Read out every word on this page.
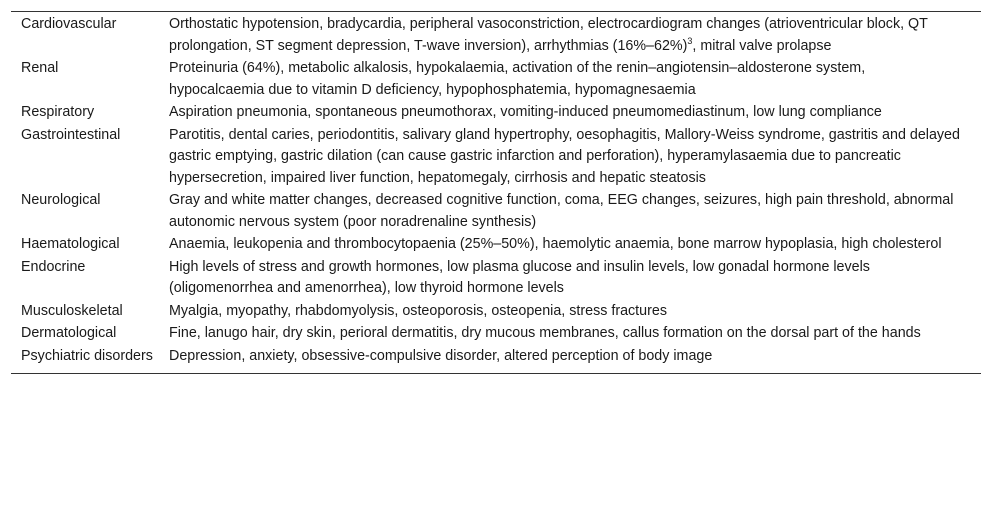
Cardiovascular	Orthostatic hypotension, bradycardia, peripheral vasoconstriction, electrocardiogram changes (atrioventricular block, QT prolongation, ST segment depression, T-wave inversion), arrhythmias $(16\%-62\%)^3$, mitral valve prolapse
Renal	Proteinuria (64%), metabolic alkalosis, hypokalaemia, activation of the renin–angiotensin–aldosterone system, hypocalcaemia due to vitamin D deficiency, hypophosphatemia, hypomagnesaemia
Respiratory	Aspiration pneumonia, spontaneous pneumothorax, vomiting-induced pneumomediastinum, low lung compliance
Gastrointestinal	Parotitis, dental caries, periodontitis, salivary gland hypertrophy, oesophagitis, Mallory-Weiss syndrome, gastritis and delayed gastric emptying, gastric dilation (can cause gastric infarction and perforation), hyperamylasaemia due to pancreatic hypersecretion, impaired liver function, hepatomegaly, cirrhosis and hepatic steatosis
Neurological	Gray and white matter changes, decreased cognitive function, coma, EEG changes, seizures, high pain threshold, abnormal autonomic nervous system (poor noradrenaline synthesis)
Haematological	Anaemia, leukopenia and thrombocytopaenia (25%–50%), haemolytic anaemia, bone marrow hypoplasia, high cholesterol
Endocrine	High levels of stress and growth hormones, low plasma glucose and insulin levels, low gonadal hormone levels (oligomenorrhea and amenorrhea), low thyroid hormone levels
Musculoskeletal	Myalgia, myopathy, rhabdomyolysis, osteoporosis, osteopenia, stress fractures
Dermatological	Fine, lanugo hair, dry skin, perioral dermatitis, dry mucous membranes, callus formation on the dorsal part of the hands
Psychiatric disorders	Depression, anxiety, obsessive-compulsive disorder, altered perception of body image
